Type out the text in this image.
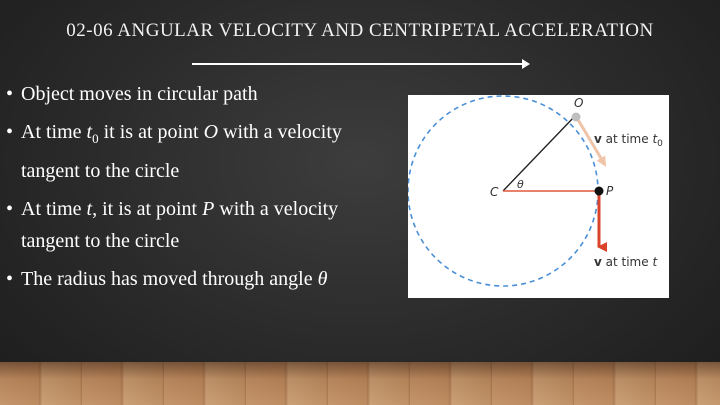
02-06 ANGULAR VELOCITY AND CENTRIPETAL ACCELERATION
• Object moves in circular path
• At time $t_0$ it is at point O with a velocity tangent to the circle
• At time t, it is at point P with a velocity tangent to the circle
• The radius has moved through angle θ
O
C	P
θ
v at time $t_0$
v at time t
